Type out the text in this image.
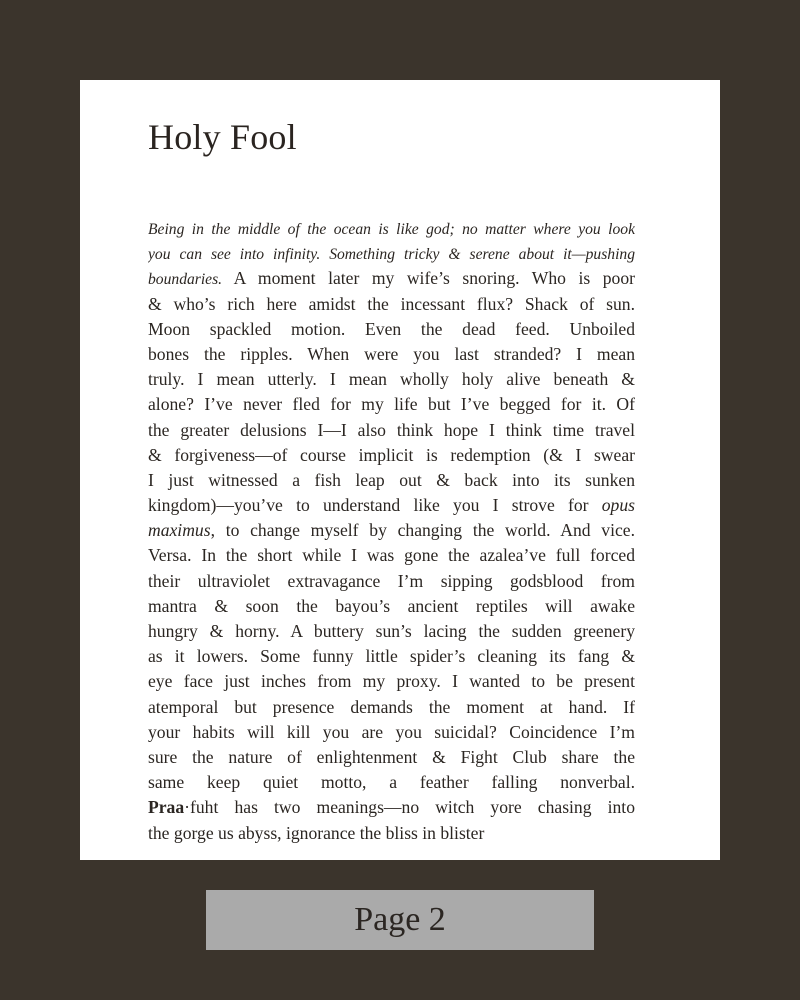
Holy Fool
Being in the middle of the ocean is like god; no matter where you look
you can see into infinity. Something tricky & serene about it—pushing
boundaries. A moment later my wife’s snoring. Who is poor
& who’s rich here amidst the incessant flux? Shack of sun.
Moon spackled motion. Even the dead feed. Unboiled
bones the ripples. When were you last stranded? I mean
truly. I mean utterly. I mean wholly holy alive beneath &
alone? I’ve never fled for my life but I’ve begged for it. Of
the greater delusions I—I also think hope I think time travel
& forgiveness—of course implicit is redemption (& I swear
I just witnessed a fish leap out & back into its sunken
kingdom)—you’ve to understand like you I strove for opus
maximus, to change myself by changing the world. And vice.
Versa. In the short while I was gone the azalea’ve full forced
their ultraviolet extravagance I’m sipping godsblood from
mantra & soon the bayou’s ancient reptiles will awake
hungry & horny. A buttery sun’s lacing the sudden greenery
as it lowers. Some funny little spider’s cleaning its fang &
eye face just inches from my proxy. I wanted to be present
atemporal but presence demands the moment at hand. If
your habits will kill you are you suicidal? Coincidence I’m
sure the nature of enlightenment & Fight Club share the
same keep quiet motto, a feather falling nonverbal.
Praa·fuht has two meanings—no witch yore chasing into
the gorge us abyss, ignorance the bliss in blister
Page 2
